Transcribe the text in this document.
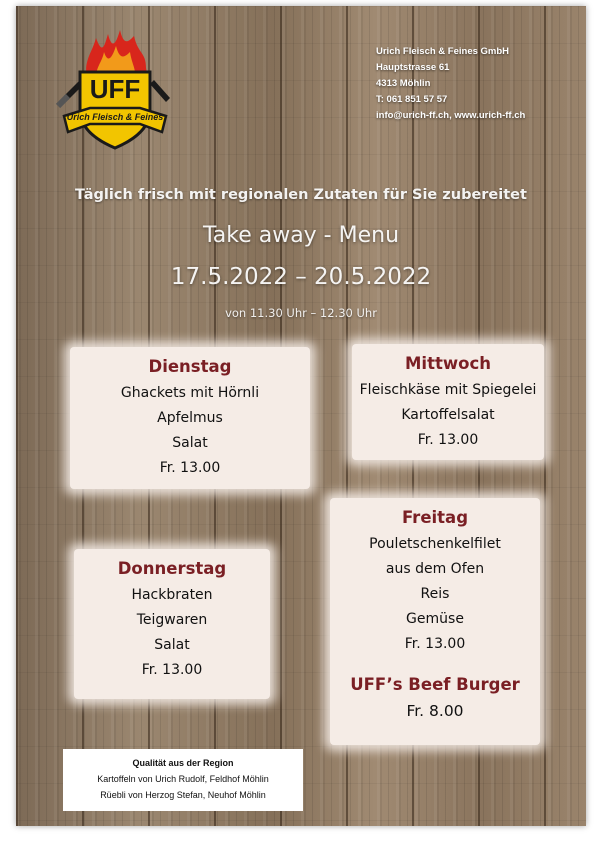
UFF
Urich Fleisch & Feines
Urich Fleisch & Feines GmbH
Hauptstrasse 61
4313 Möhlin
T: 061 851 57 57
info@urich-ff.ch, www.urich-ff.ch
Täglich frisch mit regionalen Zutaten für Sie zubereitet
Take away - Menu
17.5.2022 – 20.5.2022
von 11.30 Uhr – 12.30 Uhr
Dienstag
Ghackets mit Hörnli
Apfelmus
Salat
Fr. 13.00
Mittwoch
Fleischkäse mit Spiegelei
Kartoffelsalat
Fr. 13.00
Freitag
Pouletschenkelfilet
aus dem Ofen
Reis
Gemüse
Fr. 13.00
UFF’s Beef Burger
Fr. 8.00
Donnerstag
Hackbraten
Teigwaren
Salat
Fr. 13.00
Qualität aus der Region
Kartoffeln von Urich Rudolf, Feldhof Möhlin
Rüebli von Herzog Stefan, Neuhof Möhlin
